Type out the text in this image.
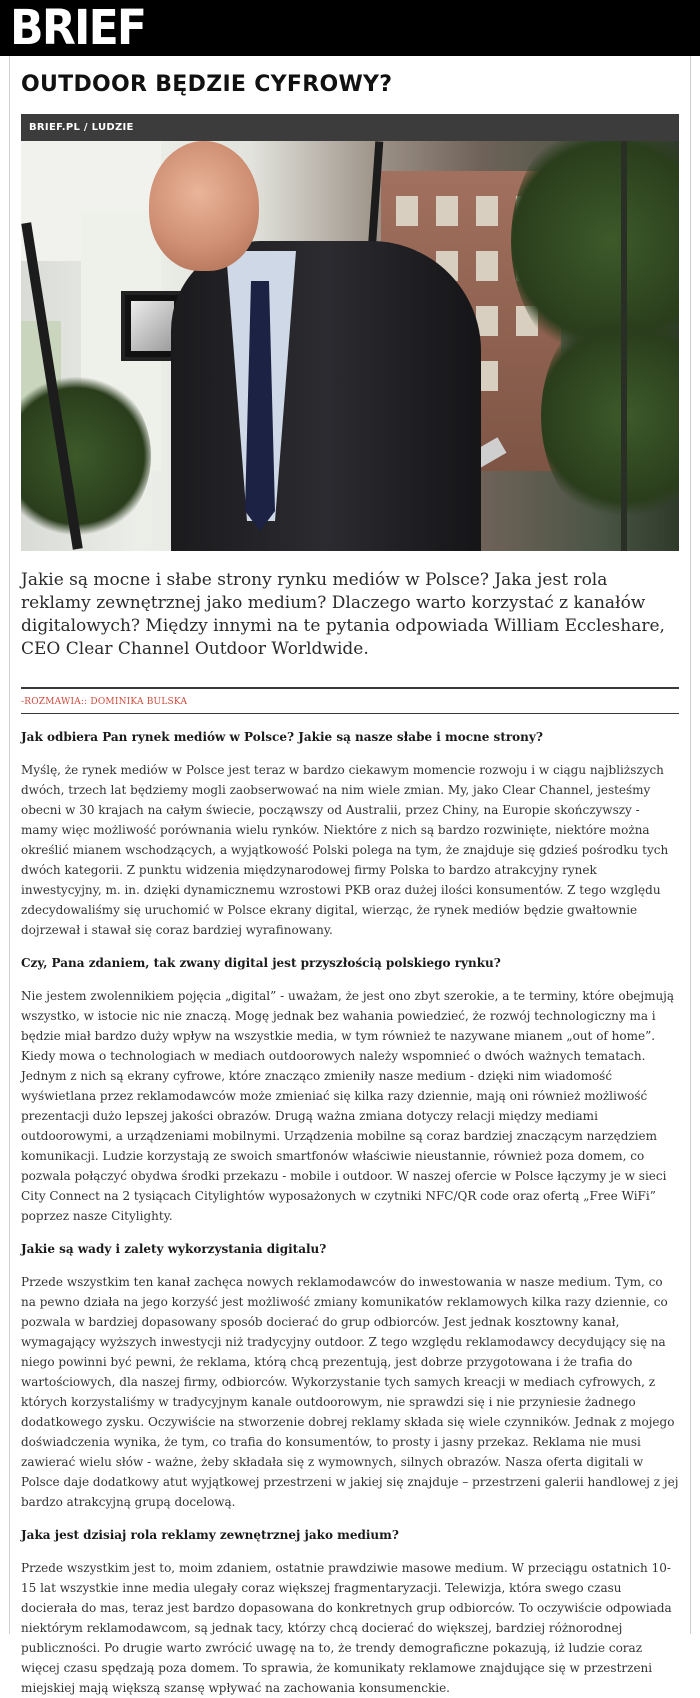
BRIEF
OUTDOOR BĘDZIE CYFROWY?
BRIEF.PL / LUDZIE

Jakie są mocne i słabe strony rynku mediów w Polsce? Jaka jest rola reklamy zewnętrznej jako medium? Dlaczego warto korzystać z kanałów digitalowych? Między innymi na te pytania odpowiada William Eccleshare, CEO Clear Channel Outdoor Worldwide.

-ROZMAWIA:: DOMINIKA BULSKA

Jak odbiera Pan rynek mediów w Polsce? Jakie są nasze słabe i mocne strony?

Myślę, że rynek mediów w Polsce jest teraz w bardzo ciekawym momencie rozwoju i w ciągu najbliższych dwóch, trzech lat będziemy mogli zaobserwować na nim wiele zmian. My, jako Clear Channel, jesteśmy obecni w 30 krajach na całym świecie, począwszy od Australii, przez Chiny, na Europie skończywszy - mamy więc możliwość porównania wielu rynków. Niektóre z nich są bardzo rozwinięte, niektóre można określić mianem wschodzących, a wyjątkowość Polski polega na tym, że znajduje się gdzieś pośrodku tych dwóch kategorii. Z punktu widzenia międzynarodowej firmy Polska to bardzo atrakcyjny rynek inwestycyjny, m. in. dzięki dynamicznemu wzrostowi PKB oraz dużej ilości konsumentów. Z tego względu zdecydowaliśmy się uruchomić w Polsce ekrany digital, wierząc, że rynek mediów będzie gwałtownie dojrzewał i stawał się coraz bardziej wyrafinowany.

Czy, Pana zdaniem, tak zwany digital jest przyszłością polskiego rynku?

Nie jestem zwolennikiem pojęcia „digital” - uważam, że jest ono zbyt szerokie, a te terminy, które obejmują wszystko, w istocie nic nie znaczą. Mogę jednak bez wahania powiedzieć, że rozwój technologiczny ma i będzie miał bardzo duży wpływ na wszystkie media, w tym również te nazywane mianem „out of home”. Kiedy mowa o technologiach w mediach outdoorowych należy wspomnieć o dwóch ważnych tematach. Jednym z nich są ekrany cyfrowe, które znacząco zmieniły nasze medium - dzięki nim wiadomość wyświetlana przez reklamodawców może zmieniać się kilka razy dziennie, mają oni również możliwość prezentacji dużo lepszej jakości obrazów. Drugą ważna zmiana dotyczy relacji między mediami outdoorowymi, a urządzeniami mobilnymi. Urządzenia mobilne są coraz bardziej znaczącym narzędziem komunikacji. Ludzie korzystają ze swoich smartfonów właściwie nieustannie, również poza domem, co pozwala połączyć obydwa środki przekazu - mobile i outdoor. W naszej ofercie w Polsce łączymy je w sieci City Connect na 2 tysiącach Citylightów wyposażonych w czytniki NFC/QR code oraz ofertą „Free WiFi” poprzez nasze Citylighty.

Jakie są wady i zalety wykorzystania digitalu?

Przede wszystkim ten kanał zachęca nowych reklamodawców do inwestowania w nasze medium. Tym, co na pewno działa na jego korzyść jest możliwość zmiany komunikatów reklamowych kilka razy dziennie, co pozwala w bardziej dopasowany sposób docierać do grup odbiorców. Jest jednak kosztowny kanał, wymagający wyższych inwestycji niż tradycyjny outdoor. Z tego względu reklamodawcy decydujący się na niego powinni być pewni, że reklama, którą chcą prezentują, jest dobrze przygotowana i że trafia do wartościowych, dla naszej firmy, odbiorców. Wykorzystanie tych samych kreacji w mediach cyfrowych, z których korzystaliśmy w tradycyjnym kanale outdoorowym, nie sprawdzi się i nie przyniesie żadnego dodatkowego zysku. Oczywiście na stworzenie dobrej reklamy składa się wiele czynników. Jednak z mojego doświadczenia wynika, że tym, co trafia do konsumentów, to prosty i jasny przekaz. Reklama nie musi zawierać wielu słów - ważne, żeby składała się z wymownych, silnych obrazów. Nasza oferta digitali w Polsce daje dodatkowy atut wyjątkowej przestrzeni w jakiej się znajduje – przestrzeni galerii handlowej z jej bardzo atrakcyjną grupą docelową.

Jaka jest dzisiaj rola reklamy zewnętrznej jako medium?

Przede wszystkim jest to, moim zdaniem, ostatnie prawdziwie masowe medium. W przeciągu ostatnich 10-15 lat wszystkie inne media ulegały coraz większej fragmentaryzacji. Telewizja, która swego czasu docierała do mas, teraz jest bardzo dopasowana do konkretnych grup odbiorców. To oczywiście odpowiada niektórym reklamodawcom, są jednak tacy, którzy chcą docierać do większej, bardziej różnorodnej publiczności. Po drugie warto zwrócić uwagę na to, że trendy demograficzne pokazują, iż ludzie coraz więcej czasu spędzają poza domem. To sprawia, że komunikaty reklamowe znajdujące się w przestrzeni miejskiej mają większą szansę wpływać na zachowania konsumenckie.
